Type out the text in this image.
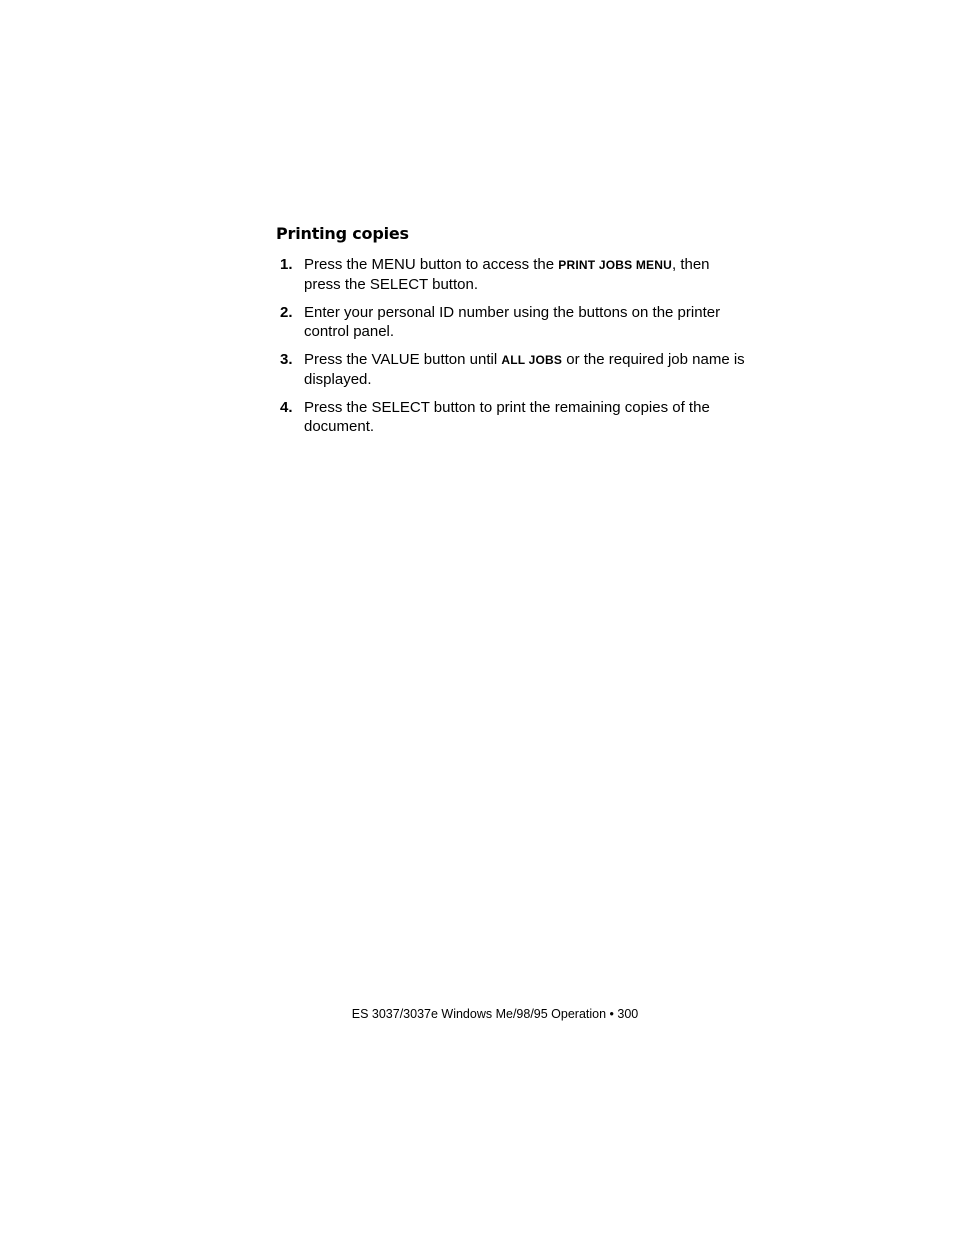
Printing copies
1. Press the MENU button to access the PRINT JOBS MENU, then press the SELECT button.
2. Enter your personal ID number using the buttons on the printer control panel.
3. Press the VALUE button until ALL JOBS or the required job name is displayed.
4. Press the SELECT button to print the remaining copies of the document.
ES 3037/3037e Windows Me/98/95 Operation • 300
